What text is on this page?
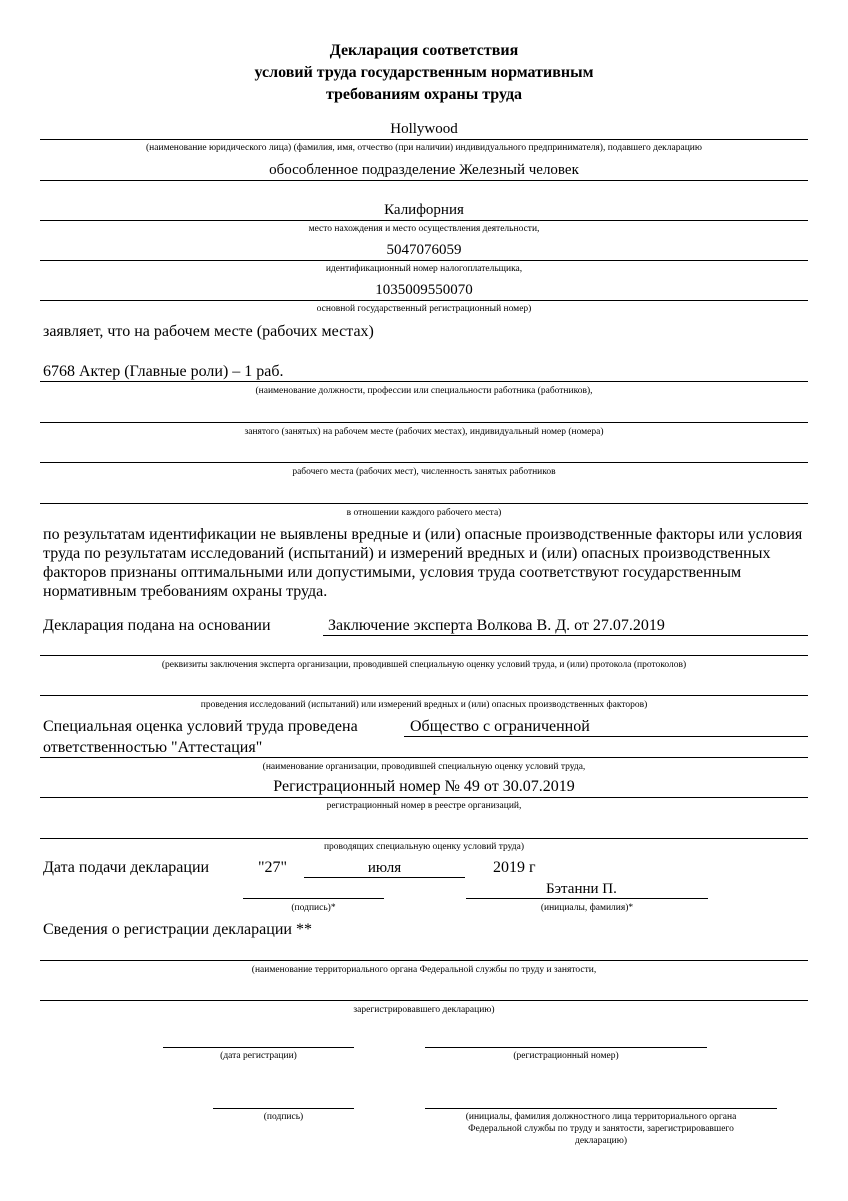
Декларация соответствия
условий труда государственным нормативным
требованиям охраны труда
Hollywood
(наименование юридического лица) (фамилия, имя, отчество (при наличии) индивидуального предпринимателя), подавшего декларацию
обособленное подразделение Железный человек
Калифорния
место нахождения и место осуществления деятельности,
5047076059
идентификационный номер налогоплательщика,
1035009550070
основной государственный регистрационный номер)
заявляет, что на рабочем месте (рабочих местах)
6768 Актер (Главные роли) – 1 раб.
(наименование должности, профессии или специальности работника (работников),
занятого (занятых) на рабочем месте (рабочих местах), индивидуальный номер (номера)
рабочего места (рабочих мест), численность занятых работников
в отношении каждого рабочего места)
по результатам идентификации не выявлены вредные и (или) опасные производственные факторы или условия труда по результатам исследований (испытаний) и измерений вредных и (или) опасных производственных факторов признаны оптимальными или допустимыми, условия труда соответствуют государственным нормативным требованиям охраны труда.
Декларация подана на основании	Заключение эксперта Волкова В. Д. от 27.07.2019
(реквизиты заключения эксперта организации, проводившей специальную оценку условий труда, и (или) протокола (протоколов)
проведения исследований (испытаний) или измерений вредных и (или) опасных производственных факторов)
Специальная оценка условий труда проведена	Общество с ограниченной
ответственностью "Аттестация"
(наименование организации, проводившей специальную оценку условий труда,
Регистрационный номер № 49 от 30.07.2019
регистрационный номер в реестре организаций,
проводящих специальную оценку условий труда)
Дата подачи декларации	"27"	июля	2019 г
Бэтанни П.
(подпись)*	(инициалы, фамилия)*
Сведения о регистрации декларации **
(наименование территориального органа Федеральной службы по труду и занятости,
зарегистрировавшего декларацию)
(дата регистрации)	(регистрационный номер)
(подпись)	(инициалы, фамилия должностного лица территориального органа
Федеральной службы по труду и занятости, зарегистрировавшего
декларацию)
